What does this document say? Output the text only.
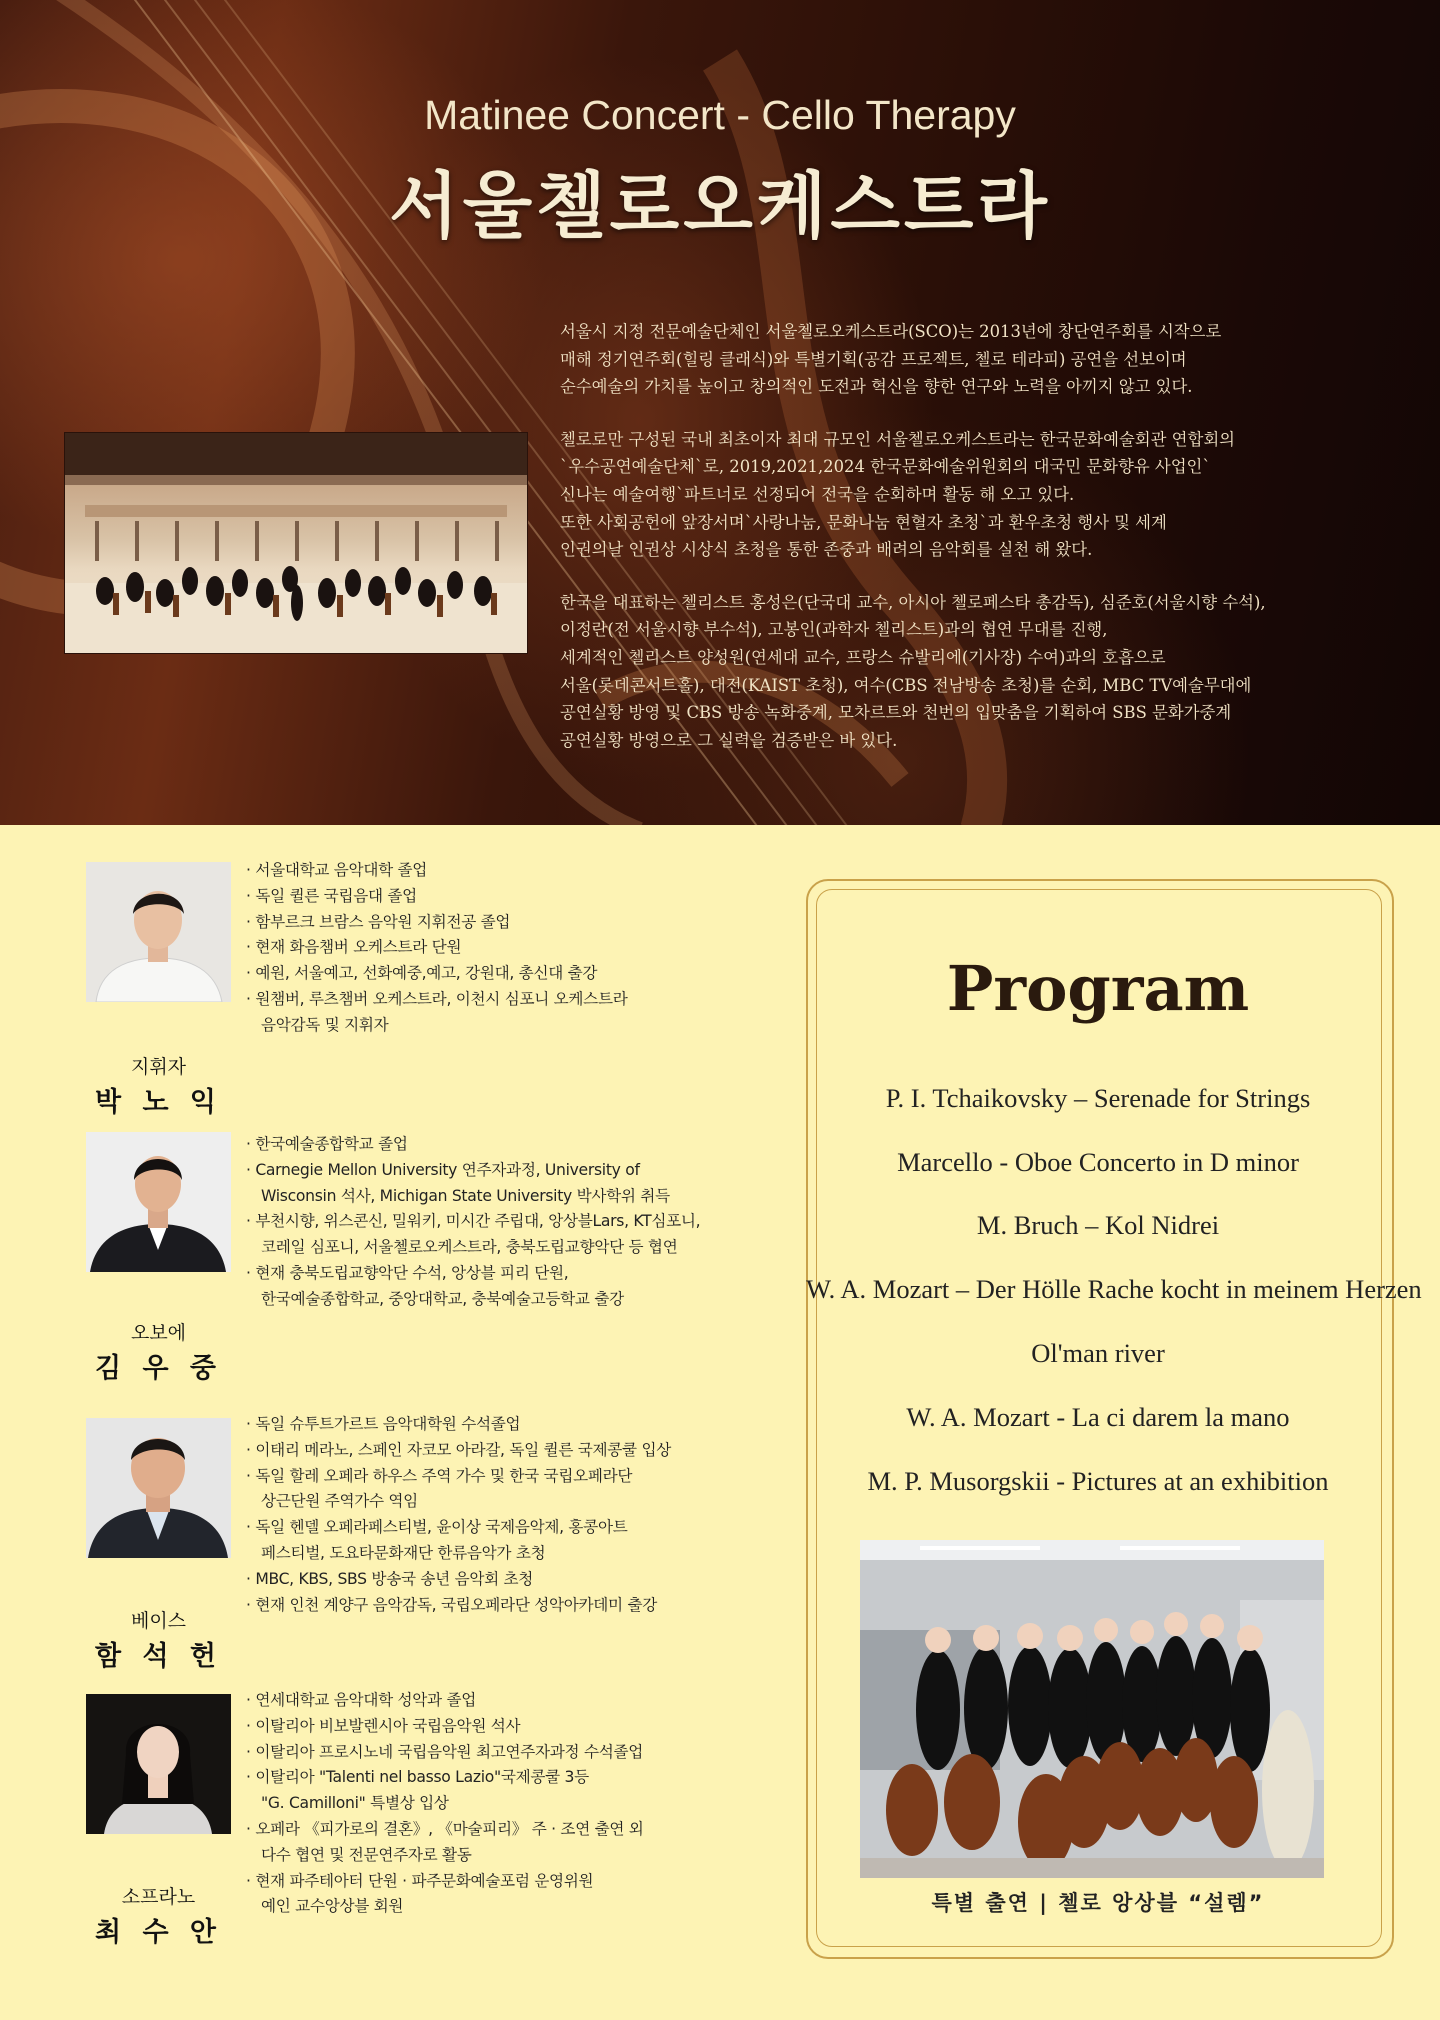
Matinee Concert - Cello Therapy
서울첼로오케스트라

서울시 지정 전문예술단체인 서울첼로오케스트라(SCO)는 2013년에 창단연주회를 시작으로
매해 정기연주회(힐링 클래식)와 특별기획(공감 프로젝트, 첼로 테라피) 공연을 선보이며
순수예술의 가치를 높이고 창의적인 도전과 혁신을 향한 연구와 노력을 아끼지 않고 있다.

첼로로만 구성된 국내 최초이자 최대 규모인 서울첼로오케스트라는 한국문화예술회관 연합회의
`우수공연예술단체`로, 2019,2021,2024 한국문화예술위원회의 대국민 문화향유 사업인`
신나는 예술여행`파트너로 선정되어 전국을 순회하며 활동 해 오고 있다.
또한 사회공헌에 앞장서며`사랑나눔, 문화나눔 현혈자 초청`과 환우초청 행사 및 세계
인권의날 인권상 시상식 초청을 통한 존중과 배려의 음악회를 실천 해 왔다.

한국을 대표하는 첼리스트 홍성은(단국대 교수, 아시아 첼로페스타 총감독), 심준호(서울시향 수석),
이정란(전 서울시향 부수석), 고봉인(과학자 첼리스트)과의 협연 무대를 진행,
세계적인 첼리스트 양성원(연세대 교수, 프랑스 슈발리에(기사장) 수여)과의 호흡으로
서울(롯데콘서트홀), 대전(KAIST 초청), 여수(CBS 전남방송 초청)를 순회, MBC TV예술무대에
공연실황 방영 및 CBS 방송 녹화중계, 모차르트와 천번의 입맞춤을 기획하여 SBS 문화가중계
공연실황 방영으로 그 실력을 검증받은 바 있다.

지휘자
박 노 익
· 서울대학교 음악대학 졸업
· 독일 퀼른 국립음대 졸업
· 함부르크 브람스 음악원 지휘전공 졸업
· 현재 화음챔버 오케스트라 단원
· 예원, 서울예고, 선화예중,예고, 강원대, 총신대 출강
· 원챔버, 루츠챔버 오케스트라, 이천시 심포니 오케스트라
음악감독 및 지휘자
오보에
김 우 중
· 한국예술종합학교 졸업
· Carnegie Mellon University 연주자과정, University of
Wisconsin 석사, Michigan State University 박사학위 취득
· 부천시향, 위스콘신, 밀워키, 미시간 주립대, 앙상블Lars, KT심포니,
코레일 심포니, 서울첼로오케스트라, 충북도립교향악단 등 협연
· 현재 충북도립교향악단 수석, 앙상블 피리 단원,
한국예술종합학교, 중앙대학교, 충북예술고등학교 출강
베이스
함 석 헌
· 독일 슈투트가르트 음악대학원 수석졸업
· 이태리 메라노, 스페인 자코모 아라갈, 독일 퀼른 국제콩쿨 입상
· 독일 할레 오페라 하우스 주역 가수 및 한국 국립오페라단
상근단원 주역가수 역임
· 독일 헨델 오페라페스티벌, 윤이상 국제음악제, 홍콩아트
페스티벌, 도요타문화재단 한류음악가 초청
· MBC, KBS, SBS 방송국 송년 음악회 초청
· 현재 인천 계양구 음악감독, 국립오페라단 성악아카데미 출강
소프라노
최 수 안
· 연세대학교 음악대학 성악과 졸업
· 이탈리아 비보발렌시아 국립음악원 석사
· 이탈리아 프로시노네 국립음악원 최고연주자과정 수석졸업
· 이탈리아 "Talenti nel basso Lazio"국제콩쿨 3등
"G. Camilloni" 특별상 입상
· 오페라 《피가로의 결혼》, 《마술피리》 주 · 조연 출연 외
다수 협연 및 전문연주자로 활동
· 현재 파주테아터 단원 · 파주문화예술포럼 운영위원
예인 교수앙상블 회원
Program
P. I. Tchaikovsky – Serenade for Strings
Marcello - Oboe Concerto in D minor
M. Bruch – Kol Nidrei
W. A. Mozart – Der Hölle Rache kocht in meinem Herzen
Ol'man river
W. A. Mozart - La ci darem la mano
M. P. Musorgskii - Pictures at an exhibition
특별 출연 | 첼로 앙상블 “설렘”
